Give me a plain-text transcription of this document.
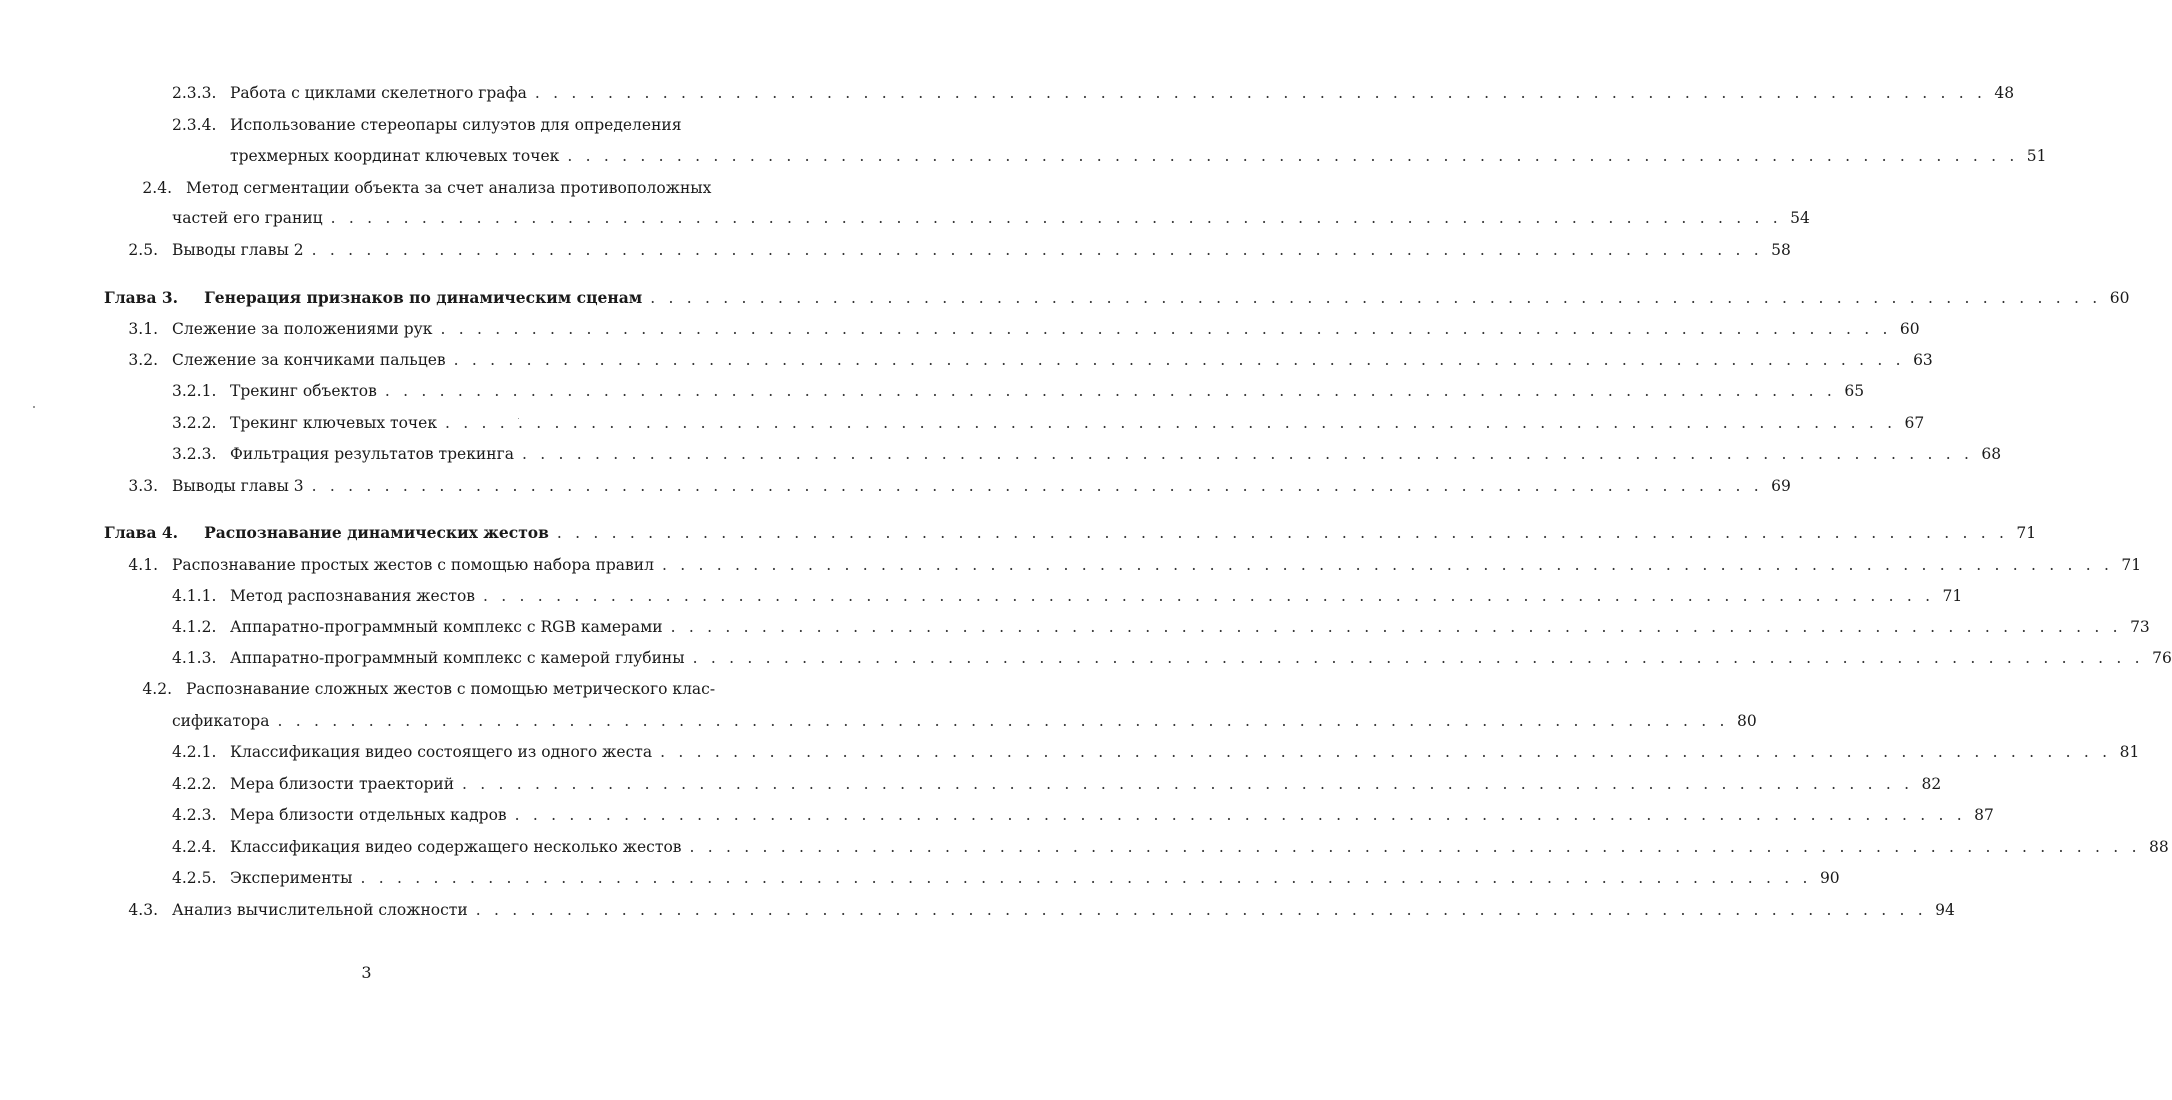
2.3.3. Работа с циклами скелетного графа . . .	48
2.3.4. Использование стереопары силуэтов для определения
трехмерных координат ключевых точек . . .	51
2.4. Метод сегментации объекта за счет анализа противоположных
частей его границ . . .	54
2.5. Выводы главы 2 . . .	58
Глава 3. Генерация признаков по динамическим сценам . . .	60
3.1. Слежение за положениями рук . . .	60
3.2. Слежение за кончиками пальцев . . .	63
3.2.1. Трекинг объектов . . .	65
3.2.2. Трекинг ключевых точек . . .	67
3.2.3. Фильтрация результатов трекинга . . .	68
3.3. Выводы главы 3 . . .	69
Глава 4. Распознавание динамических жестов . . .	71
4.1. Распознавание простых жестов с помощью набора правил . . .	71
4.1.1. Метод распознавания жестов . . .	71
4.1.2. Аппаратно-программный комплекс с RGB камерами . . .	73
4.1.3. Аппаратно-программный комплекс с камерой глубины . . .	76
4.2. Распознавание сложных жестов с помощью метрического клас-
сификатора . . .	80
4.2.1. Классификация видео состоящего из одного жеста . . .	81
4.2.2. Мера близости траекторий . . .	82
4.2.3. Мера близости отдельных кадров . . .	87
4.2.4. Классификация видео содержащего несколько жестов . . .	88
4.2.5. Эксперименты . . .	90
4.3. Анализ вычислительной сложности . . .	94
3
